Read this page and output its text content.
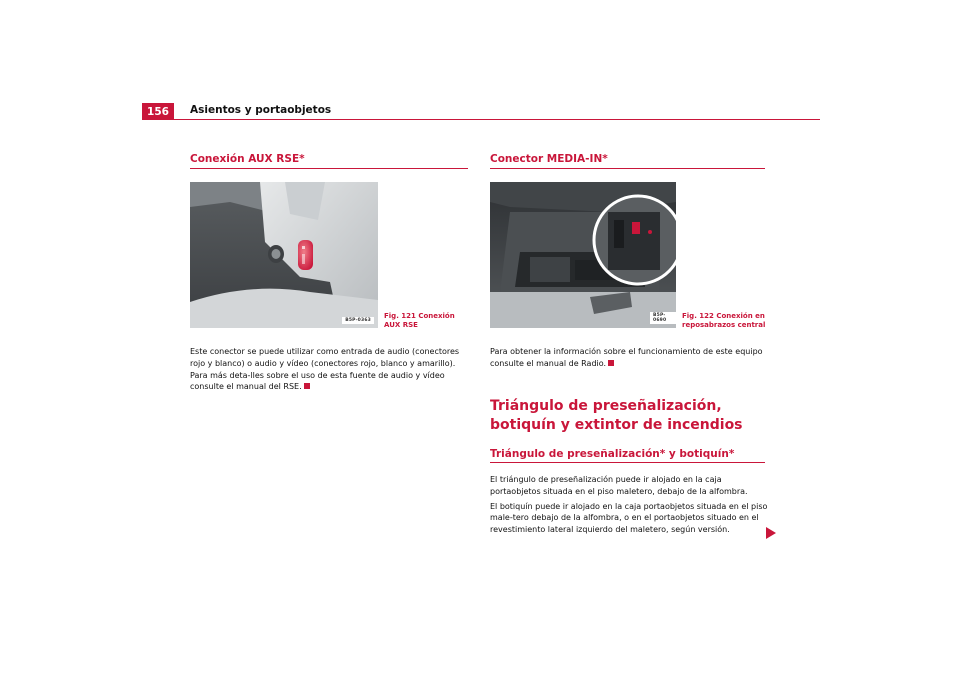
156	Asientos y portaobjetos
Conexión AUX RSE*
B5P-0363
Fig. 121 Conexión AUX RSE

Este conector se puede utilizar como entrada de audio (conectores rojo y blanco) o audio y vídeo (conectores rojo, blanco y amarillo). Para más deta-lles sobre el uso de esta fuente de audio y vídeo consulte el manual del RSE.

Conector MEDIA-IN*
B5P-0690
Fig. 122 Conexión en reposabrazos central

Para obtener la información sobre el funcionamiento de este equipo consulte el manual de Radio.

Triángulo de preseñalización, botiquín y extintor de incendios
Triángulo de preseñalización* y botiquín*

El triángulo de preseñalización puede ir alojado en la caja portaobjetos situada en el piso maletero, debajo de la alfombra.

El botiquín puede ir alojado en la caja portaobjetos situada en el piso male-tero debajo de la alfombra, o en el portaobjetos situado en el revestimiento lateral izquierdo del maletero, según versión.
